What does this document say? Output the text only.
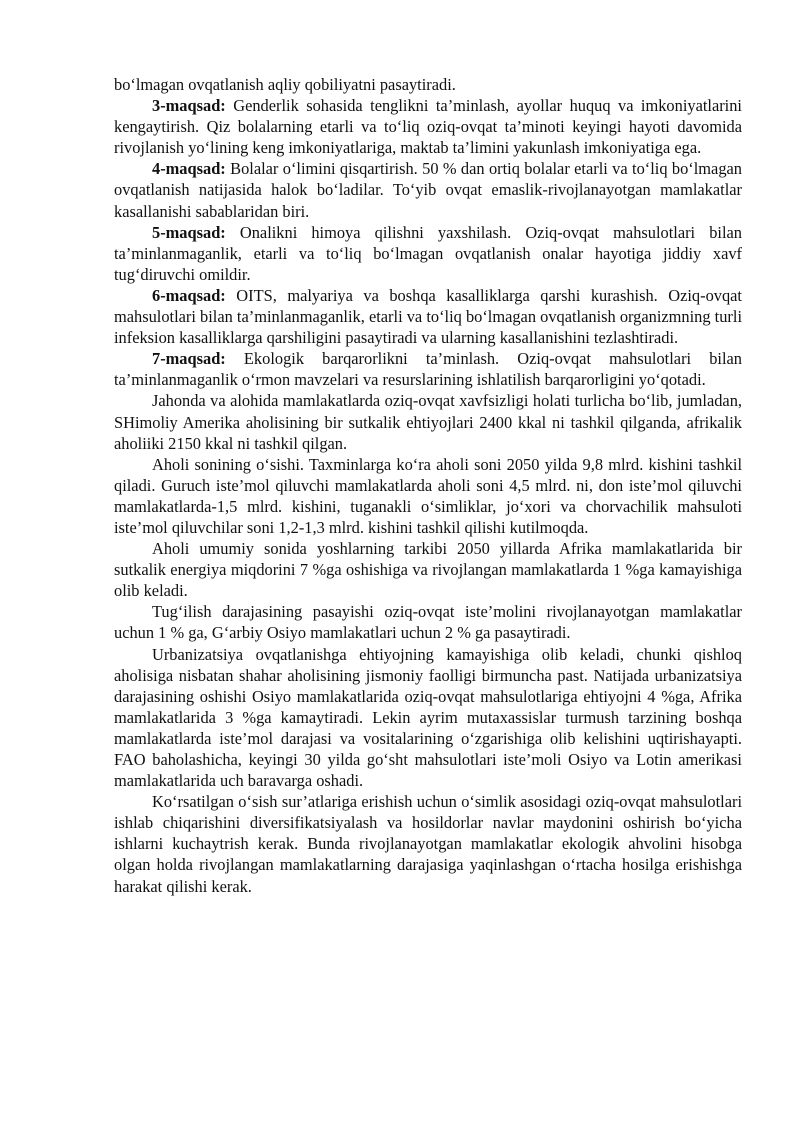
bo‘lmagan ovqatlanish aqliy qobiliyatni pasaytiradi.

3-maqsad: Genderlik sohasida tenglikni ta’minlash, ayollar huquq va imkoniyatlarini kengaytirish. Qiz bolalarning etarli va to‘liq oziq-ovqat ta’minoti keyingi hayoti davomida rivojlanish yo‘lining keng imkoniyatlariga, maktab ta’limini yakunlash imkoniyatiga ega.

4-maqsad: Bolalar o‘limini qisqartirish. 50 % dan ortiq bolalar etarli va to‘liq bo‘lmagan ovqatlanish natijasida halok bo‘ladilar. To‘yib ovqat emaslik-rivojlanayotgan mamlakatlar kasallanishi sabablaridan biri.

5-maqsad: Onalikni himoya qilishni yaxshilash. Oziq-ovqat mahsulotlari bilan ta’minlanmaganlik, etarli va to‘liq bo‘lmagan ovqatlanish onalar hayotiga jiddiy xavf tug‘diruvchi omildir.

6-maqsad: OITS, malyariya va boshqa kasalliklarga qarshi kurashish. Oziq-ovqat mahsulotlari bilan ta’minlanmaganlik, etarli va to‘liq bo‘lmagan ovqatlanish organizmning turli infeksion kasalliklarga qarshiligini pasaytiradi va ularning kasallanishini tezlashtiradi.

7-maqsad: Ekologik barqarorlikni ta’minlash. Oziq-ovqat mahsulotlari bilan ta’minlanmaganlik o‘rmon mavzelari va resurslarining ishlatilish barqarorligini yo‘qotadi.

Jahonda va alohida mamlakatlarda oziq-ovqat xavfsizligi holati turlicha bo‘lib, jumladan, SHimoliy Amerika aholisining bir sutkalik ehtiyojlari 2400 kkal ni tashkil qilganda, afrikalik aholiiki 2150 kkal ni tashkil qilgan.

Aholi sonining o‘sishi. Taxminlarga ko‘ra aholi soni 2050 yilda 9,8 mlrd. kishini tashkil qiladi. Guruch iste’mol qiluvchi mamlakatlarda aholi soni 4,5 mlrd. ni, don iste’mol qiluvchi mamlakatlarda-1,5 mlrd. kishini, tuganakli o‘simliklar, jo‘xori va chorvachilik mahsuloti iste’mol qiluvchilar soni 1,2-1,3 mlrd. kishini tashkil qilishi kutilmoqda.

Aholi umumiy sonida yoshlarning tarkibi 2050 yillarda Afrika mamlakatlarida bir sutkalik energiya miqdorini 7 %ga oshishiga va rivojlangan mamlakatlarda 1 %ga kamayishiga olib keladi.

Tug‘ilish darajasining pasayishi oziq-ovqat iste’molini rivojlanayotgan mamlakatlar uchun 1 % ga, G‘arbiy Osiyo mamlakatlari uchun 2 % ga pasaytiradi.

Urbanizatsiya ovqatlanishga ehtiyojning kamayishiga olib keladi, chunki qishloq aholisiga nisbatan shahar aholisining jismoniy faolligi birmuncha past. Natijada urbanizatsiya darajasining oshishi Osiyo mamlakatlarida oziq-ovqat mahsulotlariga ehtiyojni 4 %ga, Afrika mamlakatlarida 3 %ga kamaytiradi. Lekin ayrim mutaxassislar turmush tarzining boshqa mamlakatlarda iste’mol darajasi va vositalarining o‘zgarishiga olib kelishini uqtirishayapti. FAO baholashicha, keyingi 30 yilda go‘sht mahsulotlari iste’moli Osiyo va Lotin amerikasi mamlakatlarida uch baravarga oshadi.

Ko‘rsatilgan o‘sish sur’atlariga erishish uchun o‘simlik asosidagi oziq-ovqat mahsulotlari ishlab chiqarishini diversifikatsiyalash va hosildorlar navlar maydonini oshirish bo‘yicha ishlarni kuchaytrish kerak. Bunda rivojlanayotgan mamlakatlar ekologik ahvolini hisobga olgan holda rivojlangan mamlakatlarning darajasiga yaqinlashgan o‘rtacha hosilga erishishga harakat qilishi kerak.
